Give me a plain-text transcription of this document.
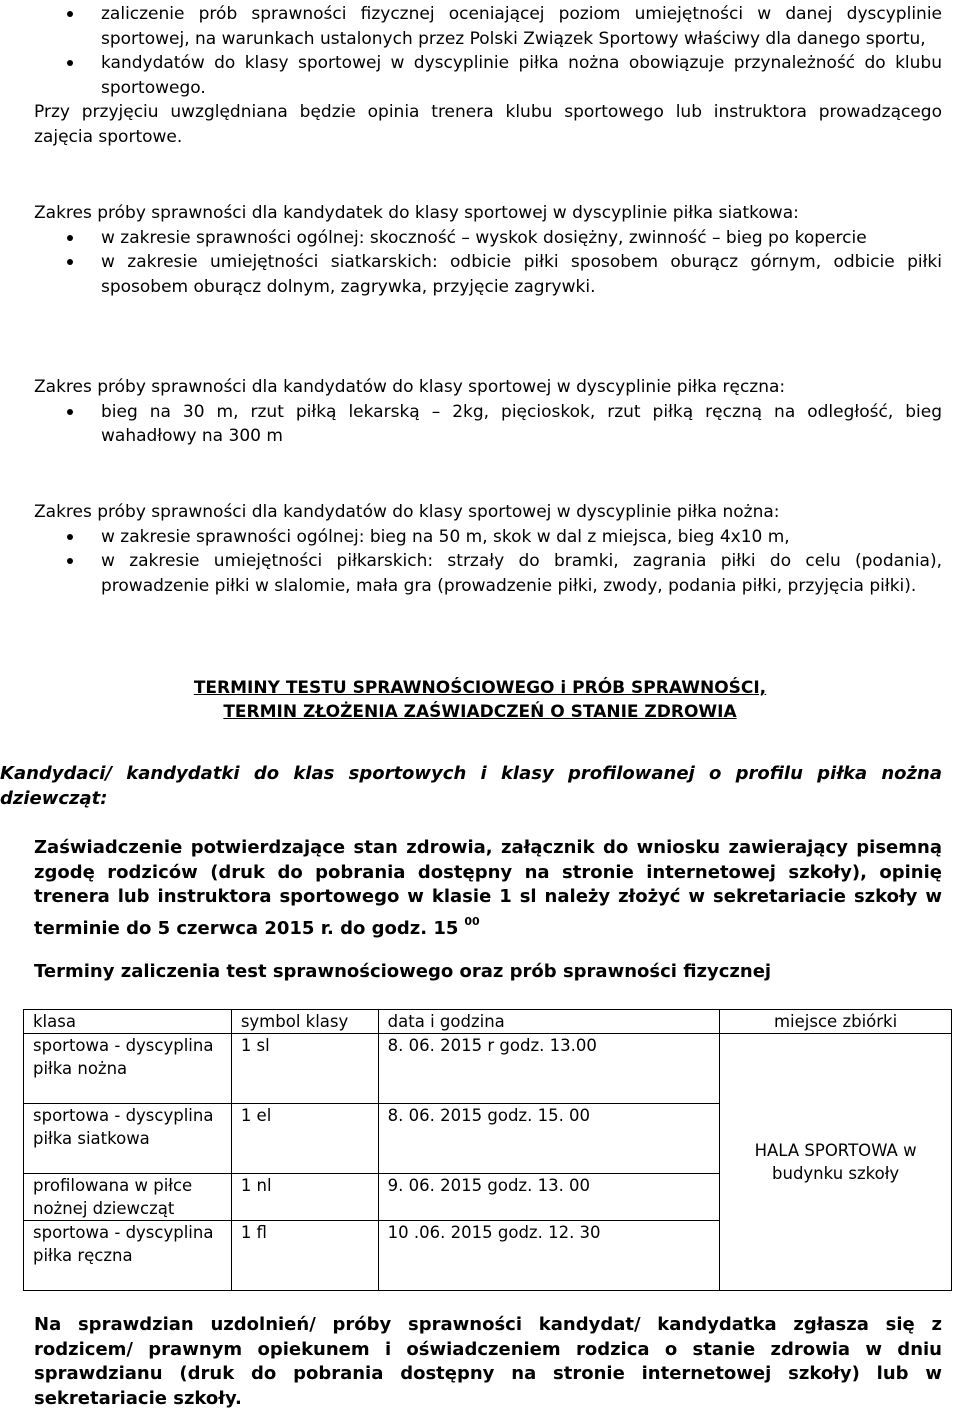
zaliczenie prób sprawności fizycznej oceniającej poziom umiejętności w danej dyscyplinie sportowej, na warunkach ustalonych przez Polski Związek Sportowy właściwy dla danego sportu,
kandydatów do klasy sportowej w dyscyplinie piłka nożna obowiązuje przynależność do klubu sportowego.

Przy przyjęciu uwzględniana będzie opinia trenera klubu sportowego lub instruktora prowadzącego zajęcia sportowe.

Zakres próby sprawności dla kandydatek do klasy sportowej w dyscyplinie piłka siatkowa:

w zakresie sprawności ogólnej: skoczność – wyskok dosiężny, zwinność – bieg po kopercie
w zakresie umiejętności siatkarskich: odbicie piłki sposobem oburącz górnym, odbicie piłki sposobem oburącz dolnym, zagrywka, przyjęcie zagrywki.

Zakres próby sprawności dla kandydatów do klasy sportowej w dyscyplinie piłka ręczna:

bieg na 30 m, rzut piłką lekarską – 2kg, pięcioskok, rzut piłką ręczną na odległość, bieg wahadłowy na 300 m

Zakres próby sprawności dla kandydatów do klasy sportowej w dyscyplinie piłka nożna:

w zakresie sprawności ogólnej: bieg na 50 m, skok w dal z miejsca, bieg 4x10 m,
w zakresie umiejętności piłkarskich: strzały do bramki, zagrania piłki do celu (podania), prowadzenie piłki w slalomie, mała gra (prowadzenie piłki, zwody, podania piłki, przyjęcia piłki).
TERMINY TESTU SPRAWNOŚCIOWEGO i PRÓB SPRAWNOŚCI,
TERMIN ZŁOŻENIA ZAŚWIADCZEŃ O STANIE ZDROWIA
Kandydaci/ kandydatki do klas sportowych i klasy profilowanej o profilu piłka nożna dziewcząt:
Zaświadczenie potwierdzające stan zdrowia, załącznik do wniosku zawierający pisemną zgodę rodziców (druk do pobrania dostępny na stronie internetowej szkoły), opinię trenera lub instruktora sportowego w klasie 1 sl należy złożyć w sekretariacie szkoły w terminie do 5 czerwca 2015 r. do godz. 15 $^{00}$
Terminy zaliczenia test sprawnościowego oraz prób sprawności fizycznej
klasa	symbol klasy	data i godzina	miejsce zbiórki
sportowa - dyscyplina piłka nożna	1 sl	8. 06. 2015 r godz. 13.00	HALA SPORTOWA w budynku szkoły
sportowa - dyscyplina piłka siatkowa	1 el	8. 06. 2015 godz. 15. 00	
profilowana w piłce nożnej dziewcząt	1 nl	9. 06. 2015 godz. 13. 00	
sportowa - dyscyplina piłka ręczna	1 fl	10 .06. 2015 godz. 12. 30	
Na sprawdzian uzdolnień/ próby sprawności kandydat/ kandydatka zgłasza się z rodzicem/ prawnym opiekunem i oświadczeniem rodzica o stanie zdrowia w dniu sprawdzianu (druk do pobrania dostępny na stronie internetowej szkoły) lub w sekretariacie szkoły.
